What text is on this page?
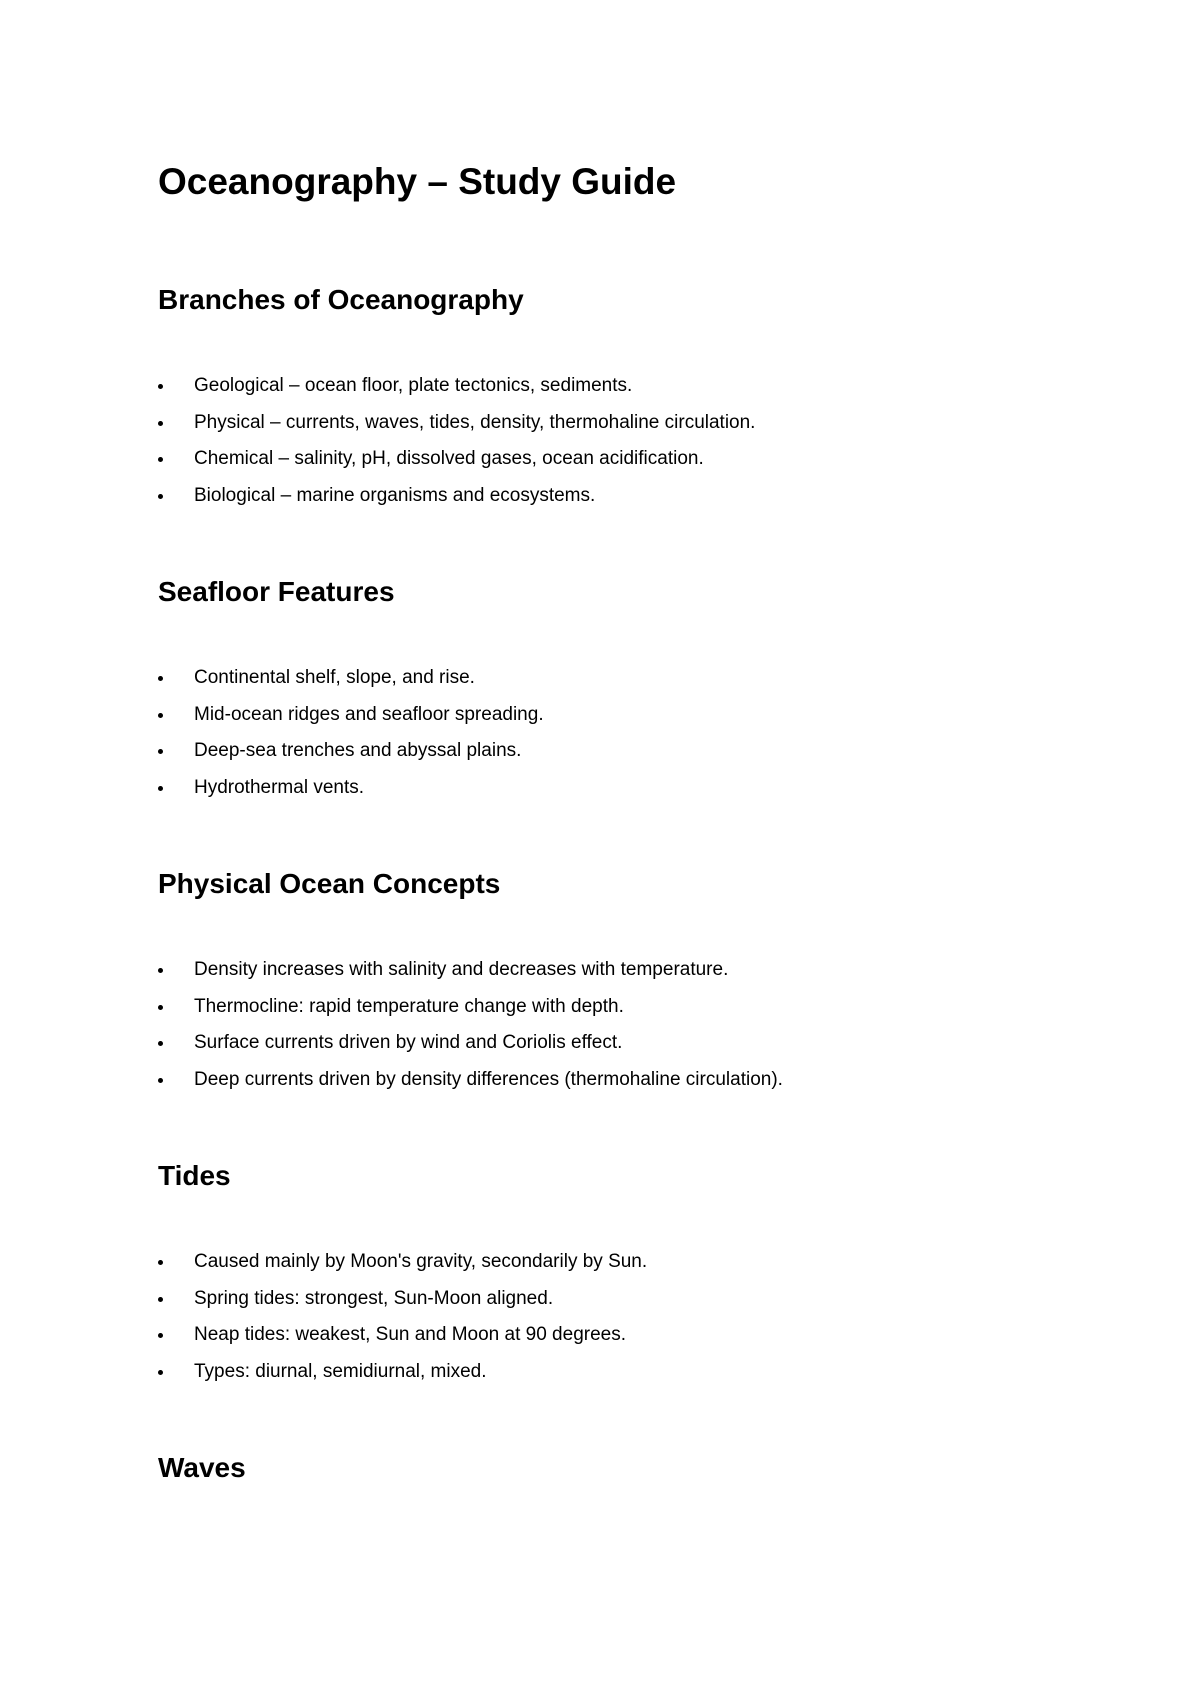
Oceanography – Study Guide
Branches of Oceanography
Geological – ocean floor, plate tectonics, sediments.
Physical – currents, waves, tides, density, thermohaline circulation.
Chemical – salinity, pH, dissolved gases, ocean acidification.
Biological – marine organisms and ecosystems.
Seafloor Features
Continental shelf, slope, and rise.
Mid-ocean ridges and seafloor spreading.
Deep-sea trenches and abyssal plains.
Hydrothermal vents.
Physical Ocean Concepts
Density increases with salinity and decreases with temperature.
Thermocline: rapid temperature change with depth.
Surface currents driven by wind and Coriolis effect.
Deep currents driven by density differences (thermohaline circulation).
Tides
Caused mainly by Moon's gravity, secondarily by Sun.
Spring tides: strongest, Sun-Moon aligned.
Neap tides: weakest, Sun and Moon at 90 degrees.
Types: diurnal, semidiurnal, mixed.
Waves
